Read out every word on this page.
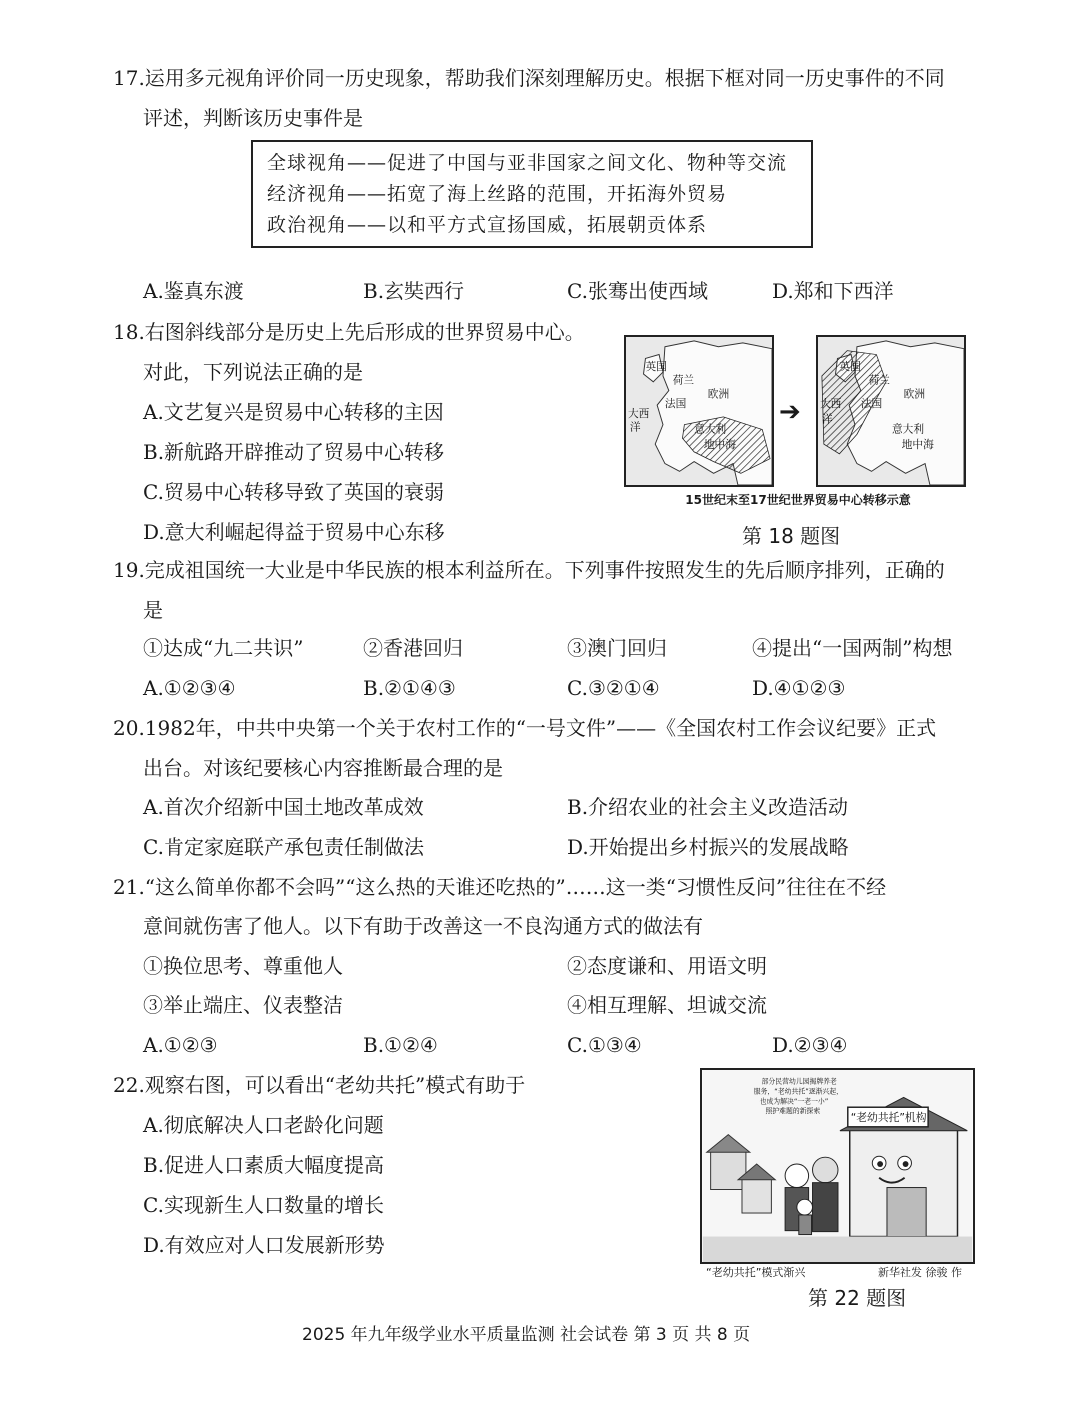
17.运用多元视角评价同一历史现象，帮助我们深刻理解历史。根据下框对同一历史事件的不同
评述，判断该历史事件是
全球视角——促进了中国与亚非国家之间文化、物种等交流
经济视角——拓宽了海上丝路的范围，开拓海外贸易
政治视角——以和平方式宣扬国威，拓展朝贡体系
A.鉴真东渡	B.玄奘西行	C.张骞出使西域	D.郑和下西洋
18.右图斜线部分是历史上先后形成的世界贸易中心。
对此，下列说法正确的是
A.文艺复兴是贸易中心转移的主因
B.新航路开辟推动了贸易中心转移
C.贸易中心转移导致了英国的衰弱
D.意大利崛起得益于贸易中心东移
英国
荷兰
法国
欧洲
大西
洋	意大利
地中海
➔
英国
荷兰
法国
欧洲
大西
洋
意大利
地中海
15世纪末至17世纪世界贸易中心转移示意
第 18 题图
19.完成祖国统一大业是中华民族的根本利益所在。下列事件按照发生的先后顺序排列，正确的
是
①达成“九二共识”	②香港回归	③澳门回归	④提出“一国两制”构想
A.①②③④	B.②①④③	C.③②①④	D.④①②③
20.1982年，中共中央第一个关于农村工作的“一号文件”——《全国农村工作会议纪要》正式
出台。对该纪要核心内容推断最合理的是
A.首次介绍新中国土地改革成效	B.介绍农业的社会主义改造活动
C.肯定家庭联产承包责任制做法	D.开始提出乡村振兴的发展战略
21.“这么简单你都不会吗”“这么热的天谁还吃热的”……这一类“习惯性反问”往往在不经
意间就伤害了他人。以下有助于改善这一不良沟通方式的做法有
①换位思考、尊重他人	②态度谦和、用语文明
③举止端庄、仪表整洁	④相互理解、坦诚交流
A.①②③	B.①②④	C.①③④	D.②③④
22.观察右图，可以看出“老幼共托”模式有助于
A.彻底解决人口老龄化问题
B.促进人口素质大幅度提高
C.实现新生人口数量的增长
D.有效应对人口发展新形势
“老幼共托”机构
部分民营幼儿园揭牌养老
服务，“老幼共托”逐渐兴起，
也成为解决“一老一小”
照护难题的新探索
“老幼共托”模式渐兴	新华社发 徐骏 作
第 22 题图
2025 年九年级学业水平质量监测 社会试卷 第 3 页 共 8 页
